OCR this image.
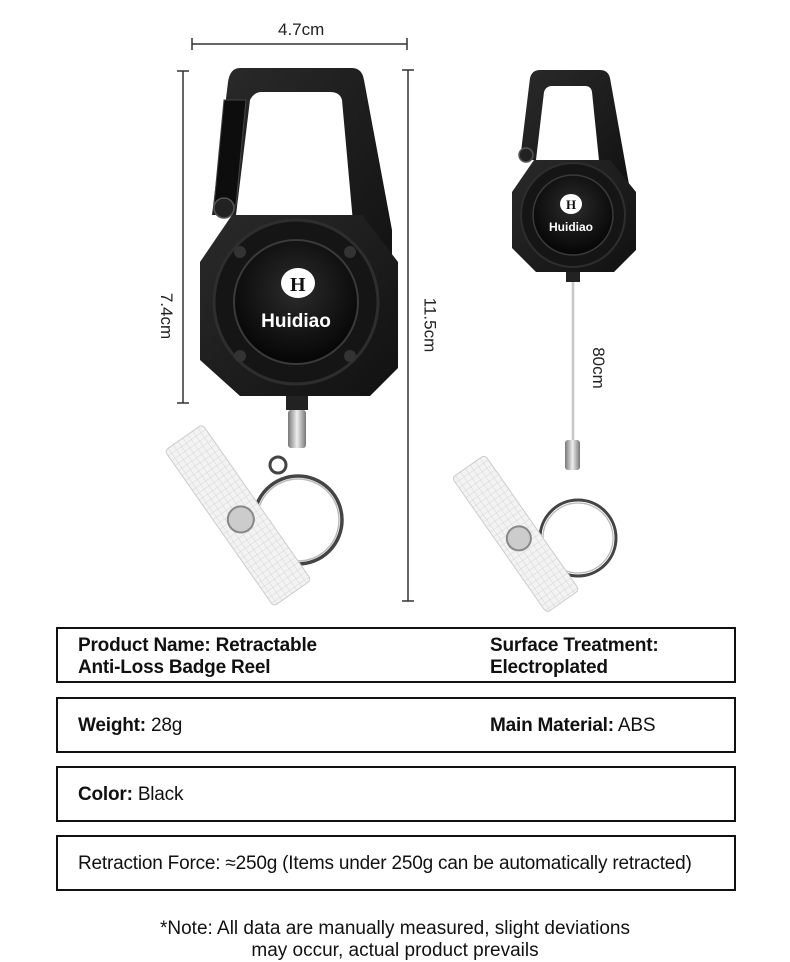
H
Huidiao
H
Huidiao
4.7cm
7.4cm	11.5cm
80cm
Product Name: Retractable
Anti-Loss Badge Reel
Surface Treatment:
Electroplated
Weight: 28g	Main Material: ABS
Color: Black
Retraction Force: ≈250g (Items under 250g can be automatically retracted)
*Note: All data are manually measured, slight deviations
may occur, actual product prevails
